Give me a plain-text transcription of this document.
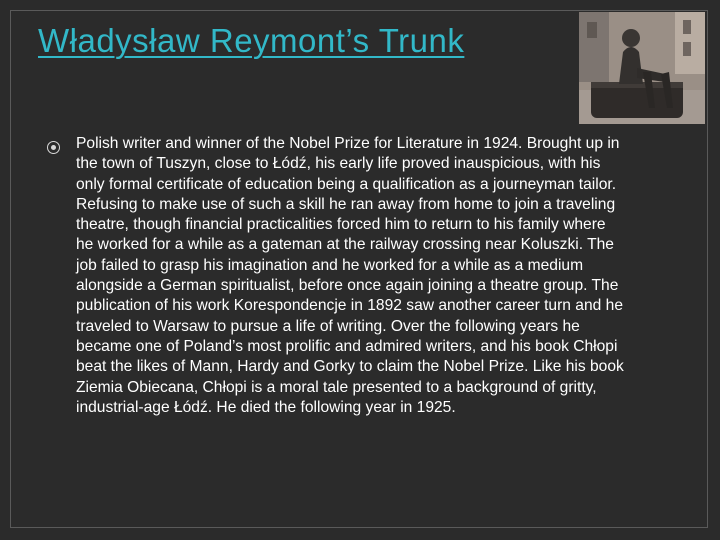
Władysław Reymont’s Trunk

Polish writer and winner of the Nobel Prize for Literature in 1924. Brought up in the town of Tuszyn, close to Łódź, his early life proved inauspicious, with his only formal certificate of education being a qualification as a journeyman tailor. Refusing to make use of such a skill he ran away from home to join a traveling theatre, though financial practicalities forced him to return to his family where he worked for a while as a gateman at the railway crossing near Koluszki. The job failed to grasp his imagination and he worked for a while as a medium alongside a German spiritualist, before once again joining a theatre group. The publication of his work Korespondencje in 1892 saw another career turn and he traveled to Warsaw to pursue a life of writing. Over the following years he became one of Poland’s most prolific and admired writers, and his book Chłopi beat the likes of Mann, Hardy and Gorky to claim the Nobel Prize. Like his book Ziemia Obiecana, Chłopi is a moral tale presented to a background of gritty, industrial-age Łódź. He died the following year in 1925.
